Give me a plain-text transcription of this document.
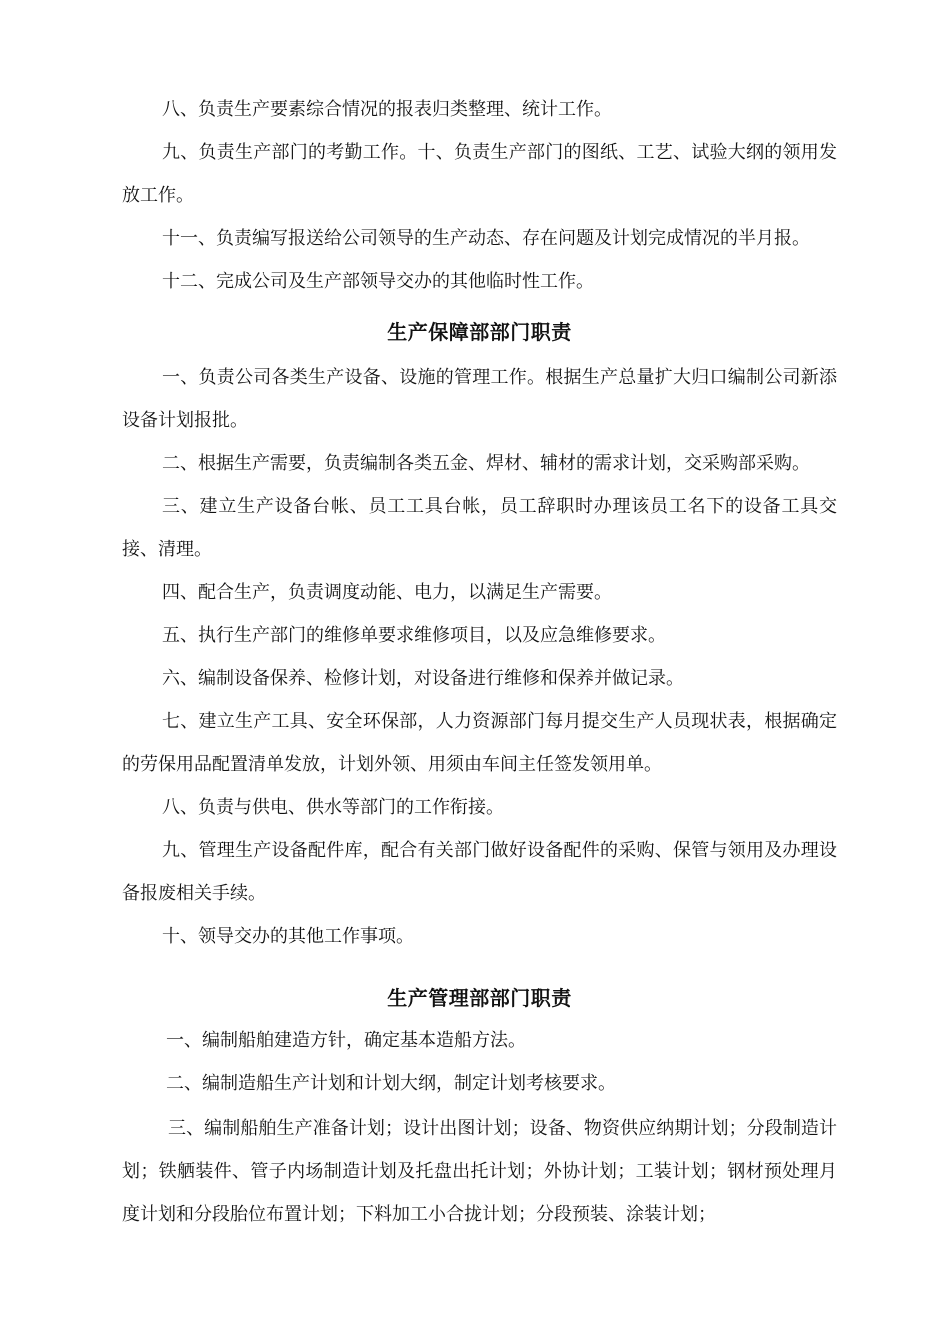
八、负责生产要素综合情况的报表归类整理、统计工作。

九、负责生产部门的考勤工作。十、负责生产部门的图纸、工艺、试验大纲的领用发放工作。

十一、负责编写报送给公司领导的生产动态、存在问题及计划完成情况的半月报。

十二、完成公司及生产部领导交办的其他临时性工作。

生产保障部部门职责

一、负责公司各类生产设备、设施的管理工作。根据生产总量扩大归口编制公司新添设备计划报批。

二、根据生产需要，负责编制各类五金、焊材、辅材的需求计划，交采购部采购。

三、建立生产设备台帐、员工工具台帐，员工辞职时办理该员工名下的设备工具交接、清理。

四、配合生产，负责调度动能、电力，以满足生产需要。

五、执行生产部门的维修单要求维修项目，以及应急维修要求。

六、编制设备保养、检修计划，对设备进行维修和保养并做记录。

七、建立生产工具、安全环保部，人力资源部门每月提交生产人员现状表，根据确定的劳保用品配置清单发放，计划外领、用须由车间主任签发领用单。

八、负责与供电、供水等部门的工作衔接。

九、管理生产设备配件库，配合有关部门做好设备配件的采购、保管与领用及办理设备报废相关手续。

十、领导交办的其他工作事项。

生产管理部部门职责

一、编制船舶建造方针，确定基本造船方法。

二、编制造船生产计划和计划大纲，制定计划考核要求。

三、编制船舶生产准备计划；设计出图计划；设备、物资供应纳期计划；分段制造计划；铁舾装件、管子内场制造计划及托盘出托计划；外协计划；工装计划；钢材预处理月度计划和分段胎位布置计划；下料加工小合拢计划；分段预装、涂装计划；
